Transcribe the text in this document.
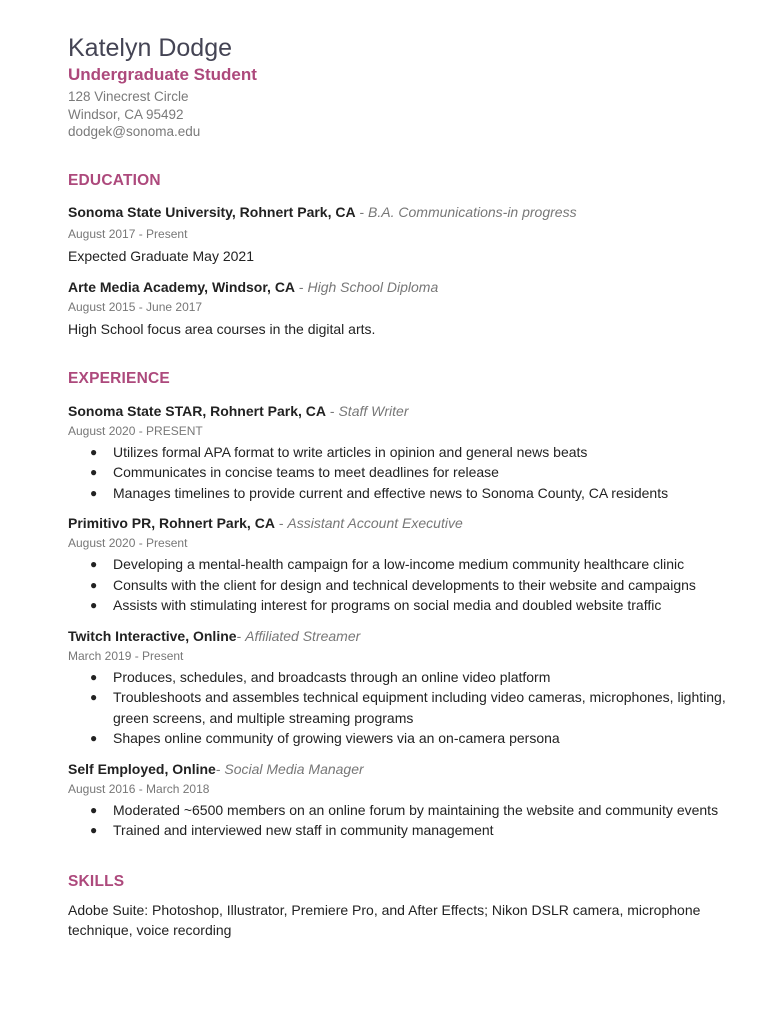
Katelyn Dodge
Undergraduate Student
128 Vinecrest Circle
Windsor, CA 95492
dodgek@sonoma.edu
EDUCATION
Sonoma State University, Rohnert Park, CA - B.A. Communications-in progress
August 2017 - Present
Expected Graduate May 2021
Arte Media Academy, Windsor, CA - High School Diploma
August 2015 - June 2017
High School focus area courses in the digital arts.
EXPERIENCE
Sonoma State STAR, Rohnert Park, CA - Staff Writer
August 2020 - PRESENT
● Utilizes formal APA format to write articles in opinion and general news beats
● Communicates in concise teams to meet deadlines for release
● Manages timelines to provide current and effective news to Sonoma County, CA residents
Primitivo PR, Rohnert Park, CA - Assistant Account Executive
August 2020 - Present
● Developing a mental-health campaign for a low-income medium community healthcare clinic
● Consults with the client for design and technical developments to their website and campaigns
● Assists with stimulating interest for programs on social media and doubled website traffic
Twitch Interactive, Online- Affiliated Streamer
March 2019 - Present
● Produces, schedules, and broadcasts through an online video platform
● Troubleshoots and assembles technical equipment including video cameras, microphones, lighting, green screens, and multiple streaming programs
● Shapes online community of growing viewers via an on-camera persona
Self Employed, Online- Social Media Manager
August 2016 - March 2018
● Moderated ~6500 members on an online forum by maintaining the website and community events
● Trained and interviewed new staff in community management
SKILLS
Adobe Suite: Photoshop, Illustrator, Premiere Pro, and After Effects; Nikon DSLR camera, microphone technique, voice recording
